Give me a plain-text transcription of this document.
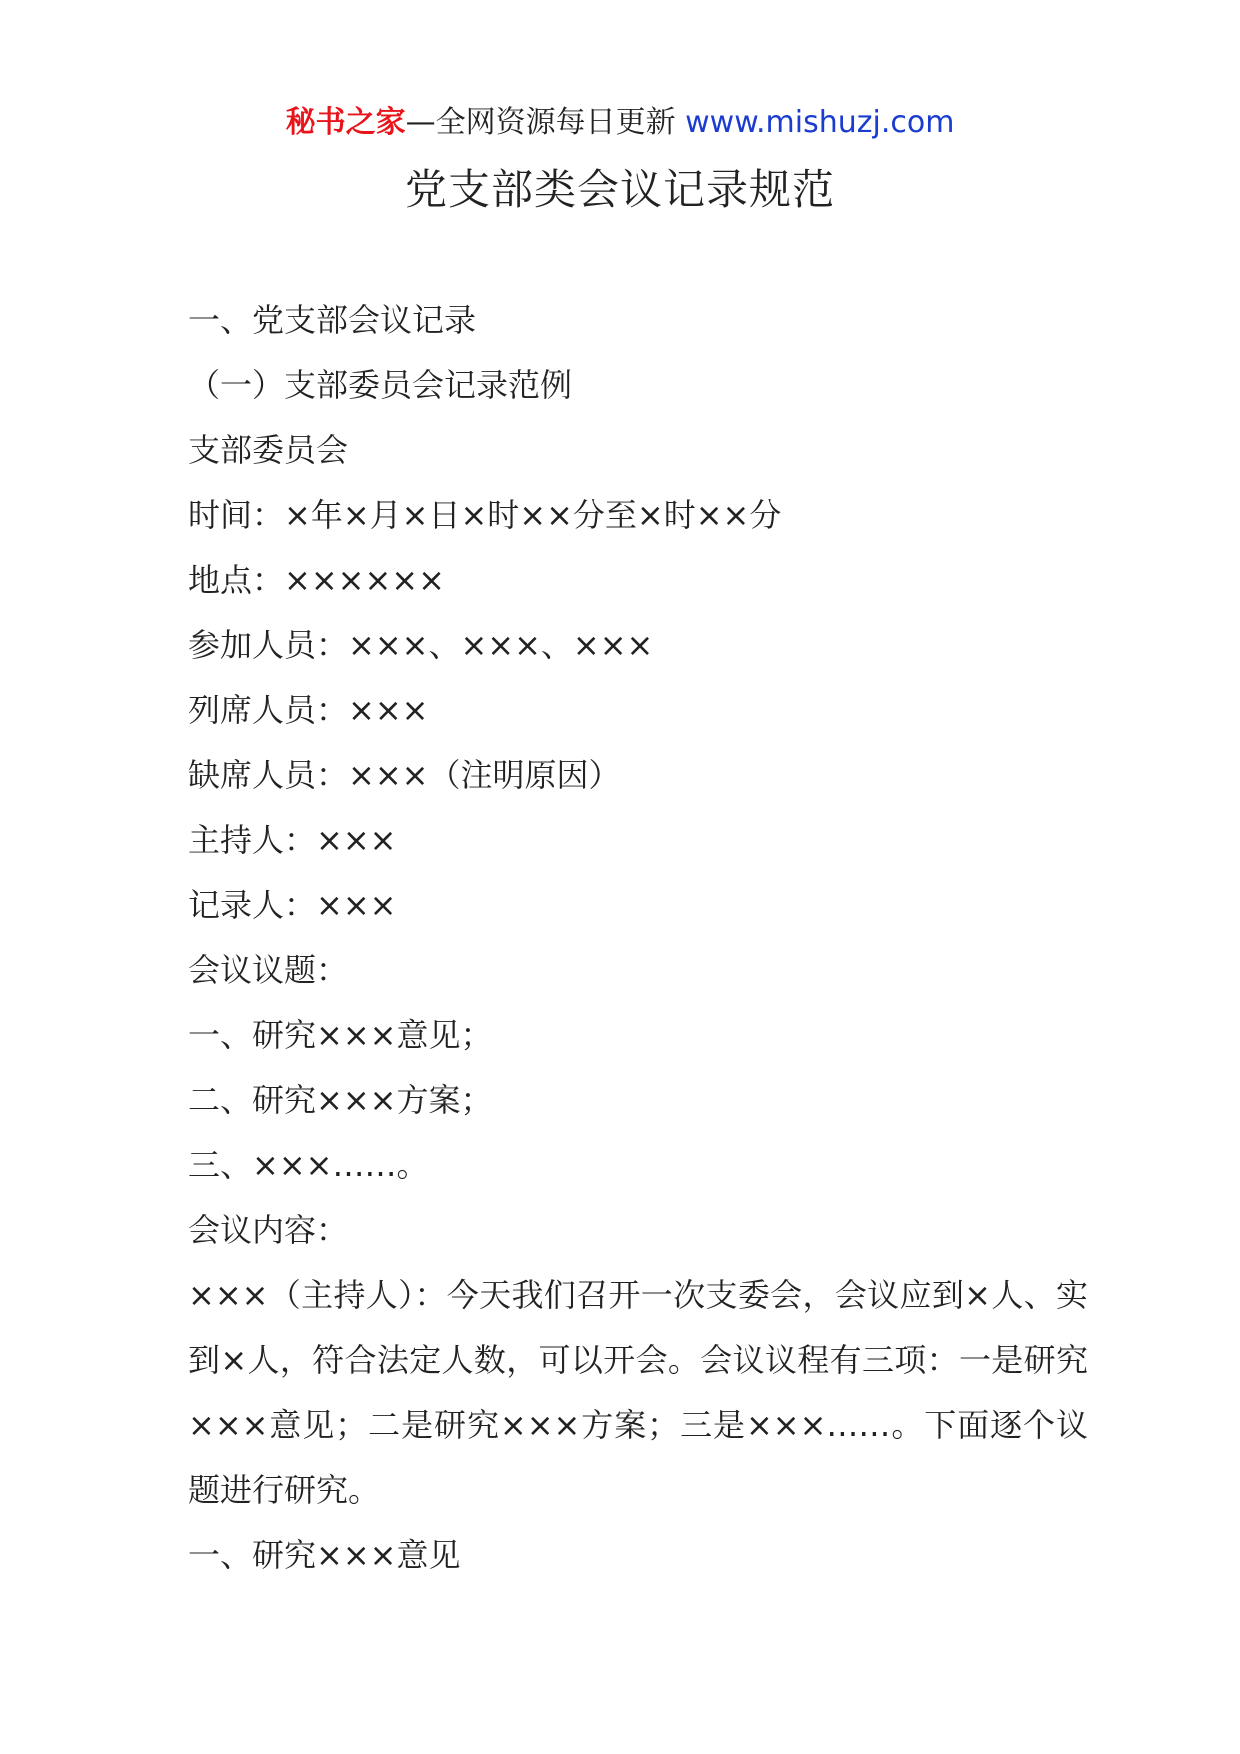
秘书之家—全网资源每日更新 www.mishuzj.com
党支部类会议记录规范
一、党支部会议记录
（一）支部委员会记录范例
支部委员会
时间：×年×月×日×时××分至×时××分
地点：××××××
参加人员：×××、×××、×××
列席人员：×××
缺席人员：×××（注明原因）
主持人：×××
记录人：×××
会议议题：
一、研究×××意见；
二、研究×××方案；
三、×××……。
会议内容：
×××（主持人）：今天我们召开一次支委会，会议应到×人、实到×人，符合法定人数，可以开会。会议议程有三项：一是研究×××意见；二是研究×××方案；三是×××……。下面逐个议题进行研究。
一、研究×××意见
